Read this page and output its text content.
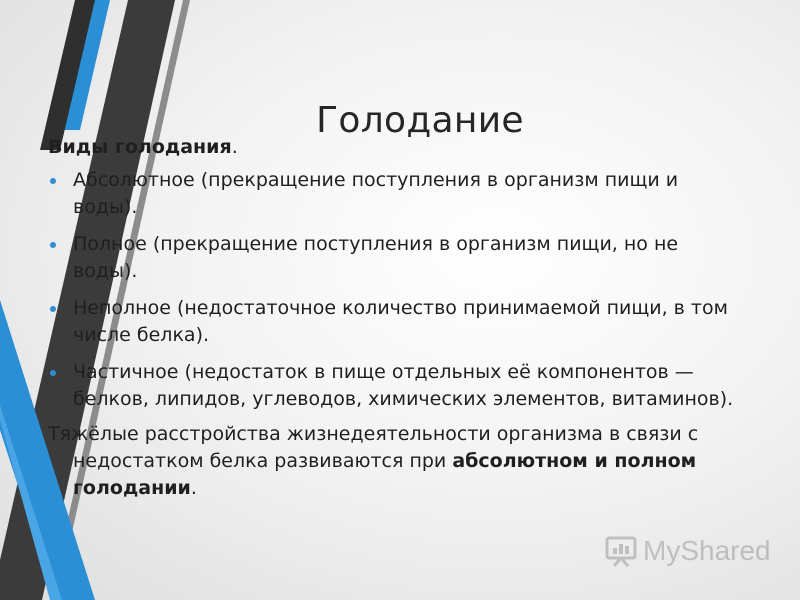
Голодание
Виды голодания.
Абсолютное (прекращение поступления в организм пищи и воды).
Полное (прекращение поступления в организм пищи, но не воды).
Неполное (недостаточное количество принимаемой пищи, в том числе белка).
Частичное (недостаток в пище отдельных её компонентов — белков, липидов, углеводов, химических элементов, витаминов).
Тяжёлые расстройства жизнедеятельности организма в связи с недостатком белка развиваются при абсолютном и полном голодании.
MyShared
